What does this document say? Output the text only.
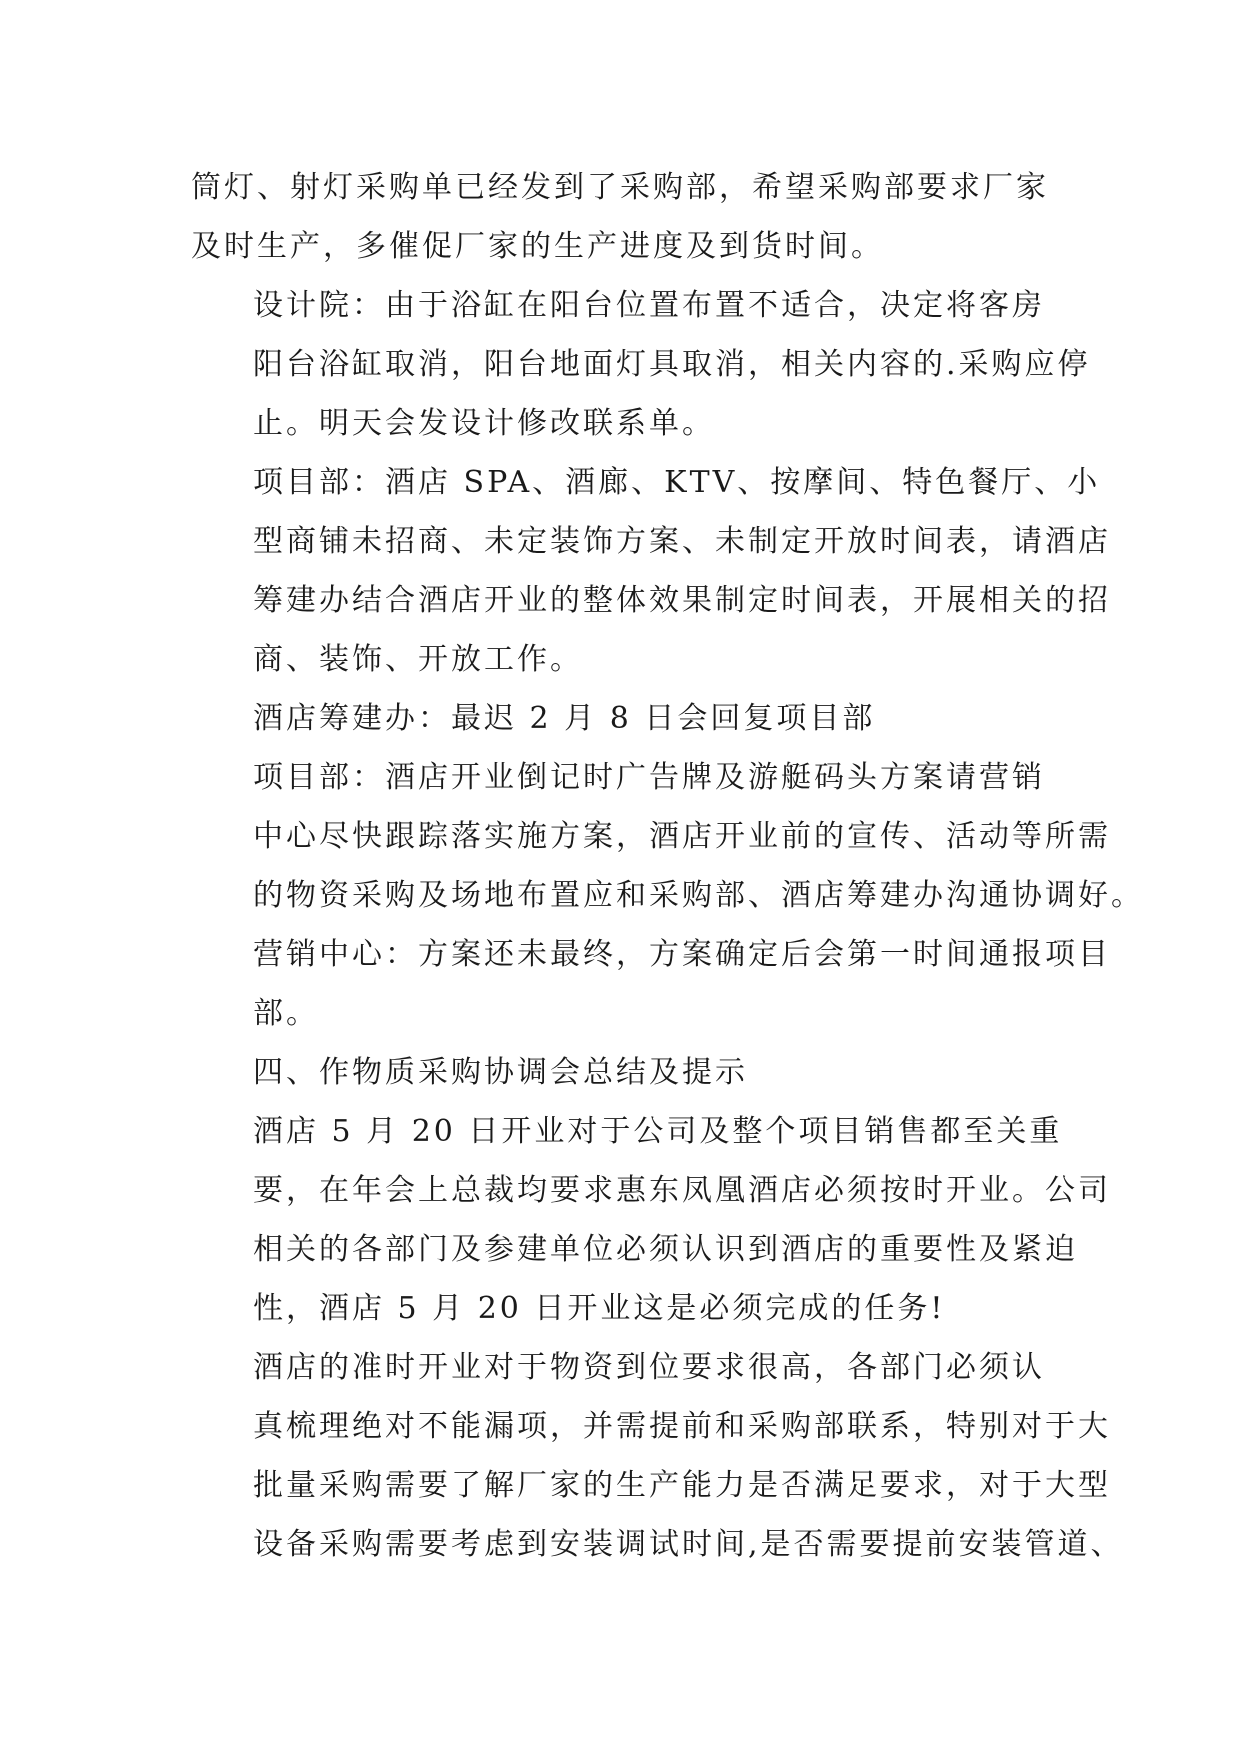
筒灯、射灯采购单已经发到了采购部，希望采购部要求厂家
及时生产，多催促厂家的生产进度及到货时间。
设计院：由于浴缸在阳台位置布置不适合，决定将客房
阳台浴缸取消，阳台地面灯具取消，相关内容的.采购应停
止。明天会发设计修改联系单。
项目部：酒店 SPA、酒廊、KTV、按摩间、特色餐厅、小
型商铺未招商、未定装饰方案、未制定开放时间表，请酒店
筹建办结合酒店开业的整体效果制定时间表，开展相关的招
商、装饰、开放工作。
酒店筹建办：最迟 2 月 8 日会回复项目部
项目部：酒店开业倒记时广告牌及游艇码头方案请营销
中心尽快跟踪落实施方案，酒店开业前的宣传、活动等所需
的物资采购及场地布置应和采购部、酒店筹建办沟通协调好。
营销中心：方案还未最终，方案确定后会第一时间通报项目
部。
四、作物质采购协调会总结及提示
酒店 5 月 20 日开业对于公司及整个项目销售都至关重
要，在年会上总裁均要求惠东凤凰酒店必须按时开业。公司
相关的各部门及参建单位必须认识到酒店的重要性及紧迫
性，酒店 5 月 20 日开业这是必须完成的任务!
酒店的准时开业对于物资到位要求很高，各部门必须认
真梳理绝对不能漏项，并需提前和采购部联系，特别对于大
批量采购需要了解厂家的生产能力是否满足要求，对于大型
设备采购需要考虑到安装调试时间,是否需要提前安装管道、
